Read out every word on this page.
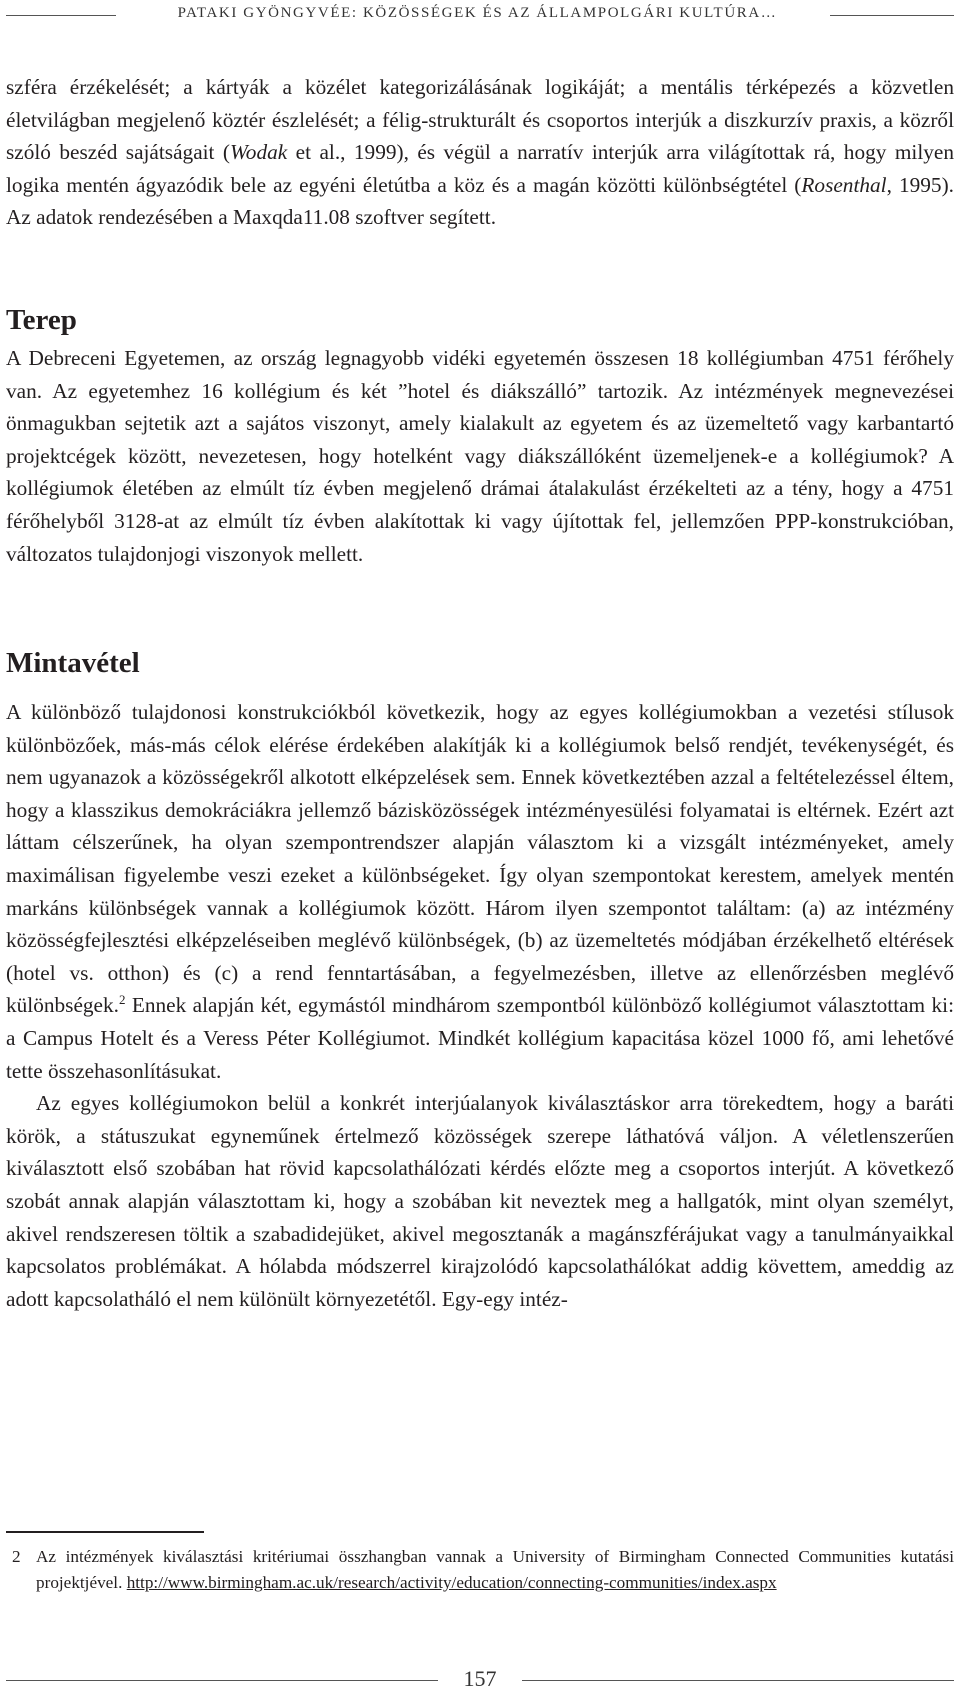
PATAKI GYÖNGYVÉE: KÖZÖSSÉGEK ÉS AZ ÁLLAMPOLGÁRI KULTÚRA…

szféra érzékelését; a kártyák a közélet kategorizálásának logikáját; a mentális térképezés a közvetlen életvilágban megjelenő köztér észlelését; a félig-strukturált és csoportos interjúk a diszkurzív praxis, a közről szóló beszéd sajátságait (Wodak et al., 1999), és végül a narratív interjúk arra világítottak rá, hogy milyen logika mentén ágyazódik bele az egyéni életútba a köz és a magán közötti különbségtétel (Rosenthal, 1995). Az adatok rendezésében a Maxqda11.08 szoftver segített.

Terep

A Debreceni Egyetemen, az ország legnagyobb vidéki egyetemén összesen 18 kollégiumban 4751 férőhely van. Az egyetemhez 16 kollégium és két ”hotel és diákszálló” tartozik. Az intézmények megnevezései önmagukban sejtetik azt a sajátos viszonyt, amely kialakult az egyetem és az üzemeltető vagy karbantartó projektcégek között, nevezetesen, hogy hotelként vagy diákszállóként üzemeljenek-e a kollégiumok? A kollégiumok életében az elmúlt tíz évben megjelenő drámai átalakulást érzékelteti az a tény, hogy a 4751 férőhelyből 3128-at az elmúlt tíz évben alakítottak ki vagy újítottak fel, jellemzően PPP-konstrukcióban, változatos tulajdonjogi viszonyok mellett.

Mintavétel

A különböző tulajdonosi konstrukciókból következik, hogy az egyes kollégiumokban a vezetési stílusok különbözőek, más-más célok elérése érdekében alakítják ki a kollégiumok belső rendjét, tevékenységét, és nem ugyanazok a közösségekről alkotott elképzelések sem. Ennek következtében azzal a feltételezéssel éltem, hogy a klasszikus demokráciákra jellemző bázisközösségek intézményesülési folyamatai is eltérnek. Ezért azt láttam célszerűnek, ha olyan szempontrendszer alapján választom ki a vizsgált intézményeket, amely maximálisan figyelembe veszi ezeket a különbségeket. Így olyan szempontokat kerestem, amelyek mentén markáns különbségek vannak a kollégiumok között. Három ilyen szempontot találtam: (a) az intézmény közösségfejlesztési elképzeléseiben meglévő különbségek, (b) az üzemeltetés módjában érzékelhető eltérések (hotel vs. otthon) és (c) a rend fenntartásában, a fegyelmezésben, illetve az ellenőrzésben meglévő különbségek.$^2$ Ennek alapján két, egymástól mindhárom szempontból különböző kollégiumot választottam ki: a Campus Hotelt és a Veress Péter Kollégiumot. Mindkét kollégium kapacitása közel 1000 fő, ami lehetővé tette összehasonlításukat.

Az egyes kollégiumokon belül a konkrét interjúalanyok kiválasztáskor arra törekedtem, hogy a baráti körök, a státuszukat egyneműnek értelmező közösségek szerepe láthatóvá váljon. A véletlenszerűen kiválasztott első szobában hat rövid kapcsolathálózati kérdés előzte meg a csoportos interjút. A következő szobát annak alapján választottam ki, hogy a szobában kit neveztek meg a hallgatók, mint olyan személyt, akivel rendszeresen töltik a szabadidejüket, akivel megosztanák a magánszférájukat vagy a tanulmányaikkal kapcsolatos problémákat. A hólabda módszerrel kirajzolódó kapcsolathálókat addig követtem, ameddig az adott kapcsolatháló el nem különült környezetétől. Egy-egy intéz-

2 Az intézmények kiválasztási kritériumai összhangban vannak a University of Birmingham Connected Communities kutatási projektjével. http://www.birmingham.ac.uk/research/activity/education/connecting-communities/index.aspx
157
